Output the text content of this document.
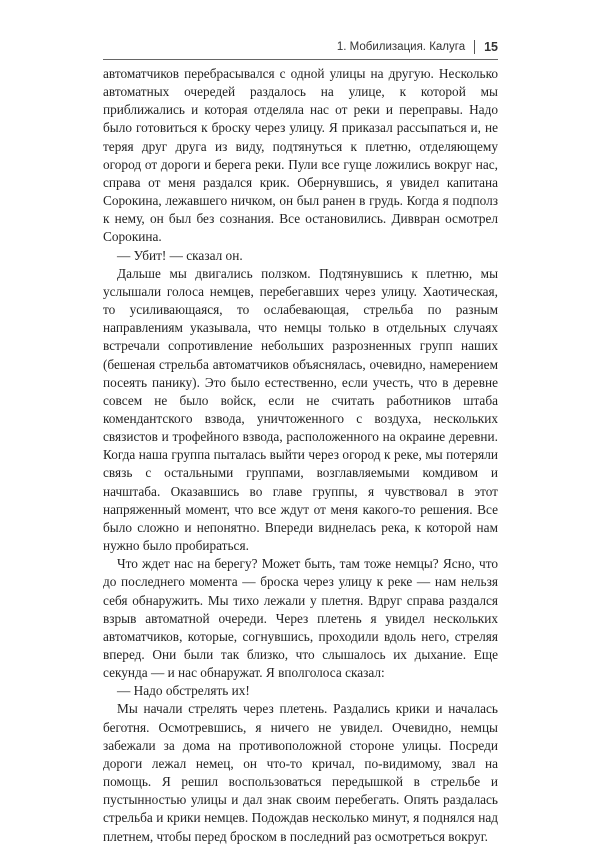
1. Мобилизация. Калуга 15

автоматчиков перебрасывался с одной улицы на другую. Несколько автоматных очередей раздалось на улице, к которой мы приближались и которая отделяла нас от реки и переправы. Надо было готовиться к броску через улицу. Я приказал рассыпаться и, не теряя друг друга из виду, подтянуться к плетню, отделяющему огород от дороги и берега реки. Пули все гуще ложились вокруг нас, справа от меня раздался крик. Обернувшись, я увидел капитана Сорокина, лежавшего ничком, он был ранен в грудь. Когда я подполз к нему, он был без сознания. Все остановились. Диввран осмотрел Сорокина.

— Убит! — сказал он.

Дальше мы двигались ползком. Подтянувшись к плетню, мы услышали голоса немцев, перебегавших через улицу. Хаотическая, то усиливающаяся, то ослабевающая, стрельба по разным направлениям указывала, что немцы только в отдельных случаях встречали сопротивление небольших разрозненных групп наших (бешеная стрельба автоматчиков объяснялась, очевидно, намерением посеять панику). Это было естественно, если учесть, что в деревне совсем не было войск, если не считать работников штаба комендантского взвода, уничтоженного с воздуха, нескольких связистов и трофейного взвода, расположенного на окраине деревни. Когда наша группа пыталась выйти через огород к реке, мы потеряли связь с остальными группами, возглавляемыми комдивом и начштаба. Оказавшись во главе группы, я чувствовал в этот напряженный момент, что все ждут от меня какого-то решения. Все было сложно и непонятно. Впереди виднелась река, к которой нам нужно было пробираться.

Что ждет нас на берегу? Может быть, там тоже немцы? Ясно, что до последнего момента — броска через улицу к реке — нам нельзя себя обнаружить. Мы тихо лежали у плетня. Вдруг справа раздался взрыв автоматной очереди. Через плетень я увидел нескольких автоматчиков, которые, согнувшись, проходили вдоль него, стреляя вперед. Они были так близко, что слышалось их дыхание. Еще секунда — и нас обнаружат. Я вполголоса сказал:

— Надо обстрелять их!

Мы начали стрелять через плетень. Раздались крики и началась беготня. Осмотревшись, я ничего не увидел. Очевидно, немцы забежали за дома на противоположной стороне улицы. Посреди дороги лежал немец, он что-то кричал, по-видимому, звал на помощь. Я решил воспользоваться передышкой в стрельбе и пустынностью улицы и дал знак своим перебегать. Опять раздалась стрельба и крики немцев. Подождав несколько минут, я поднялся над плетнем, чтобы перед броском в последний раз осмотреться вокруг.
